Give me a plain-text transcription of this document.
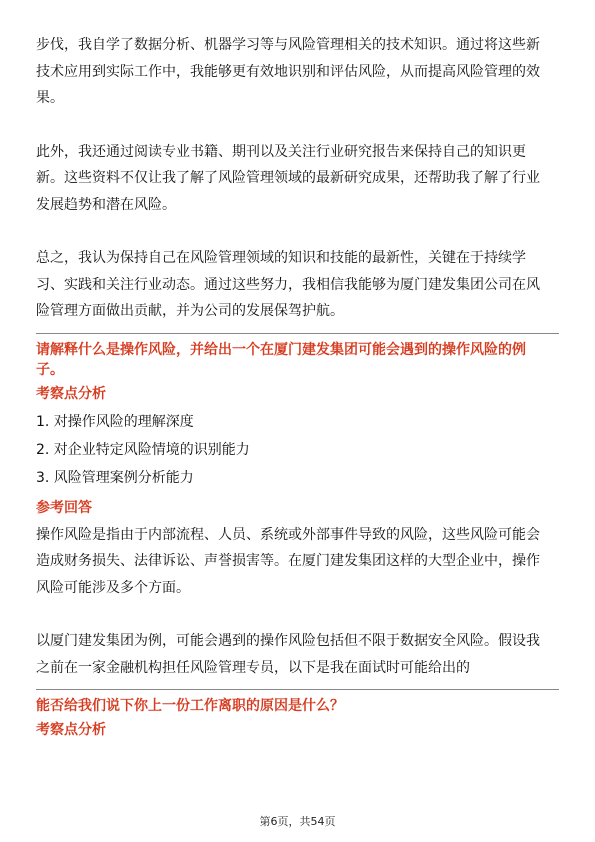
步伐，我自学了数据分析、机器学习等与风险管理相关的技术知识。通过将这些新
技术应用到实际工作中，我能够更有效地识别和评估风险，从而提高风险管理的效
果。

此外，我还通过阅读专业书籍、期刊以及关注行业研究报告来保持自己的知识更
新。这些资料不仅让我了解了风险管理领域的最新研究成果，还帮助我了解了行业
发展趋势和潜在风险。

总之，我认为保持自己在风险管理领域的知识和技能的最新性，关键在于持续学
习、实践和关注行业动态。通过这些努力，我相信我能够为厦门建发集团公司在风
险管理方面做出贡献，并为公司的发展保驾护航。

请解释什么是操作风险，并给出一个在厦门建发集团可能会遇到的操作风险的例
子。

考察点分析

1. 对操作风险的理解深度

2. 对企业特定风险情境的识别能力

3. 风险管理案例分析能力

参考回答

操作风险是指由于内部流程、人员、系统或外部事件导致的风险，这些风险可能会
造成财务损失、法律诉讼、声誉损害等。在厦门建发集团这样的大型企业中，操作
风险可能涉及多个方面。

以厦门建发集团为例，可能会遇到的操作风险包括但不限于数据安全风险。假设我
之前在一家金融机构担任风险管理专员，以下是我在面试时可能给出的

能否给我们说下你上一份工作离职的原因是什么？

考察点分析

第6页，共54页
